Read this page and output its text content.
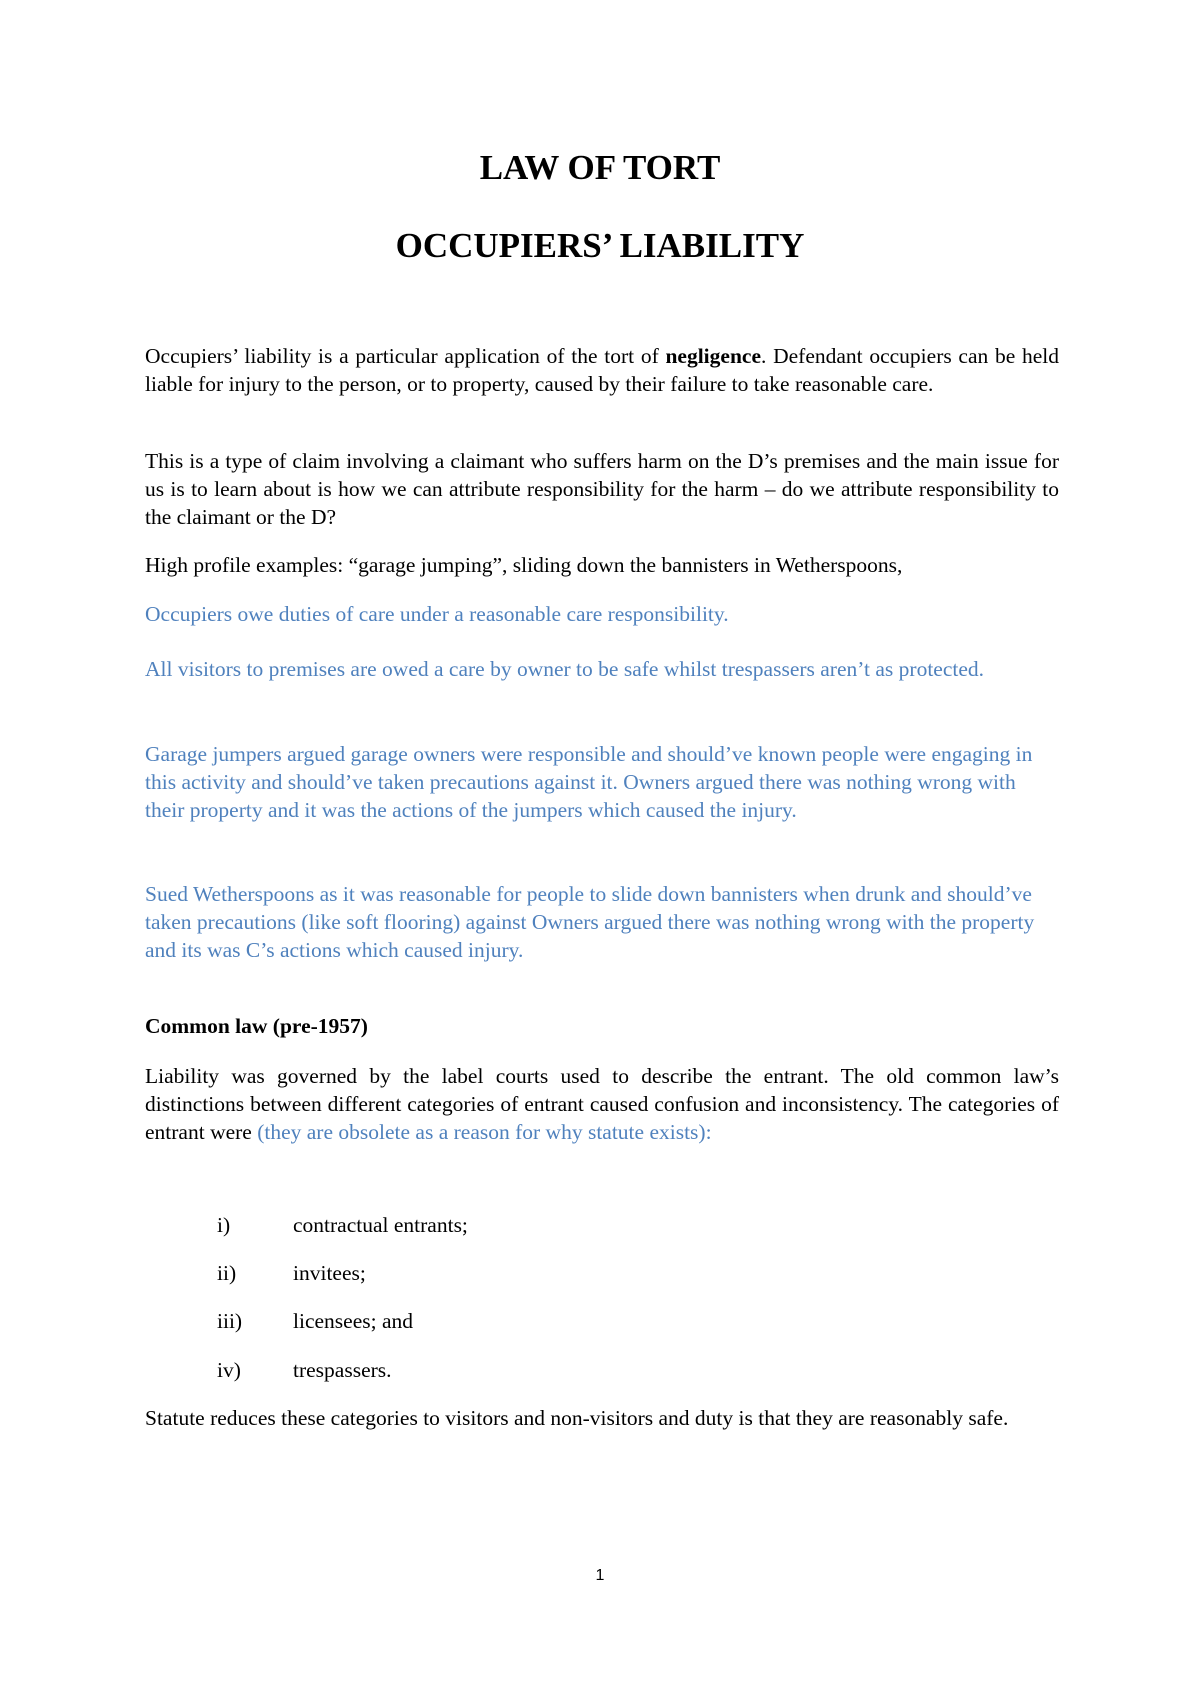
LAW OF TORT
OCCUPIERS’ LIABILITY

Occupiers’ liability is a particular application of the tort of negligence. Defendant occupiers can be held liable for injury to the person, or to property, caused by their failure to take reasonable care.

This is a type of claim involving a claimant who suffers harm on the D’s premises and the main issue for us is to learn about is how we can attribute responsibility for the harm – do we attribute responsibility to the claimant or the D?

High profile examples: “garage jumping”, sliding down the bannisters in Wetherspoons,

Occupiers owe duties of care under a reasonable care responsibility.

All visitors to premises are owed a care by owner to be safe whilst trespassers aren’t as protected.

Garage jumpers argued garage owners were responsible and should’ve known people were engaging in this activity and should’ve taken precautions against it. Owners argued there was nothing wrong with their property and it was the actions of the jumpers which caused the injury.

Sued Wetherspoons as it was reasonable for people to slide down bannisters when drunk and should’ve taken precautions (like soft flooring) against Owners argued there was nothing wrong with the property and its was C’s actions which caused injury.

Common law (pre-1957)

Liability was governed by the label courts used to describe the entrant. The old common law’s distinctions between different categories of entrant caused confusion and inconsistency. The categories of entrant were (they are obsolete as a reason for why statute exists):

i)	contractual entrants;

ii)	invitees;

iii) licensees; and

iv) trespassers.

Statute reduces these categories to visitors and non-visitors and duty is that they are reasonably safe.

1
